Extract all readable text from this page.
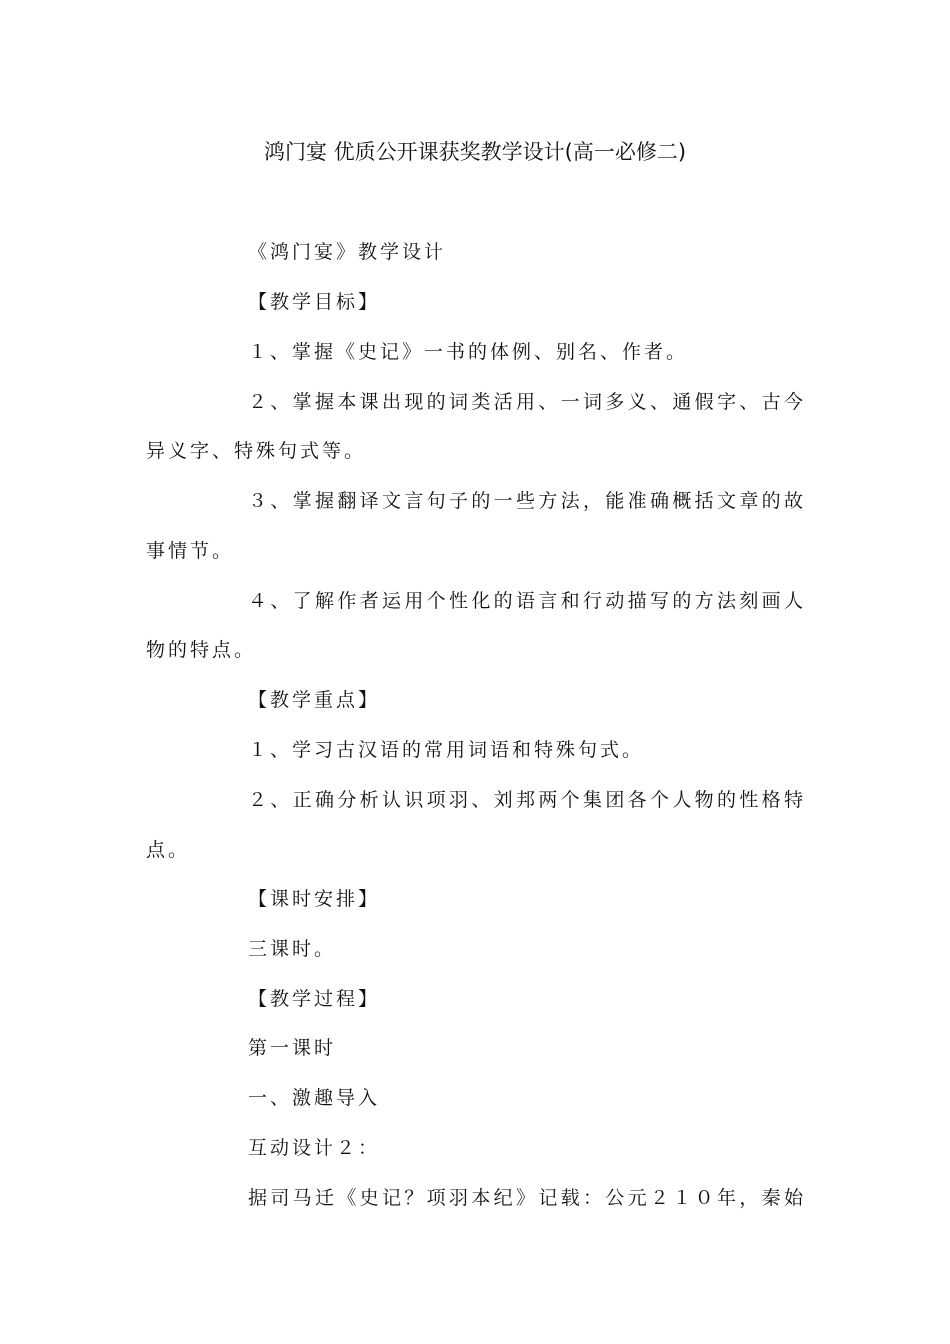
鸿门宴 优质公开课获奖教学设计(高一必修二)
《鸿门宴》教学设计
【教学目标】
１、掌握《史记》一书的体例、别名、作者。
２、掌握本课出现的词类活用、一词多义、通假字、古今
异义字、特殊句式等。
３、掌握翻译文言句子的一些方法，能准确概括文章的故
事情节。
４、了解作者运用个性化的语言和行动描写的方法刻画人
物的特点。
【教学重点】
１、学习古汉语的常用词语和特殊句式。
２、正确分析认识项羽、刘邦两个集团各个人物的性格特
点。
【课时安排】
三课时。
【教学过程】
第一课时
一、激趣导入
互动设计２：
据司马迁《史记？项羽本纪》记载：公元２１０年，秦始
